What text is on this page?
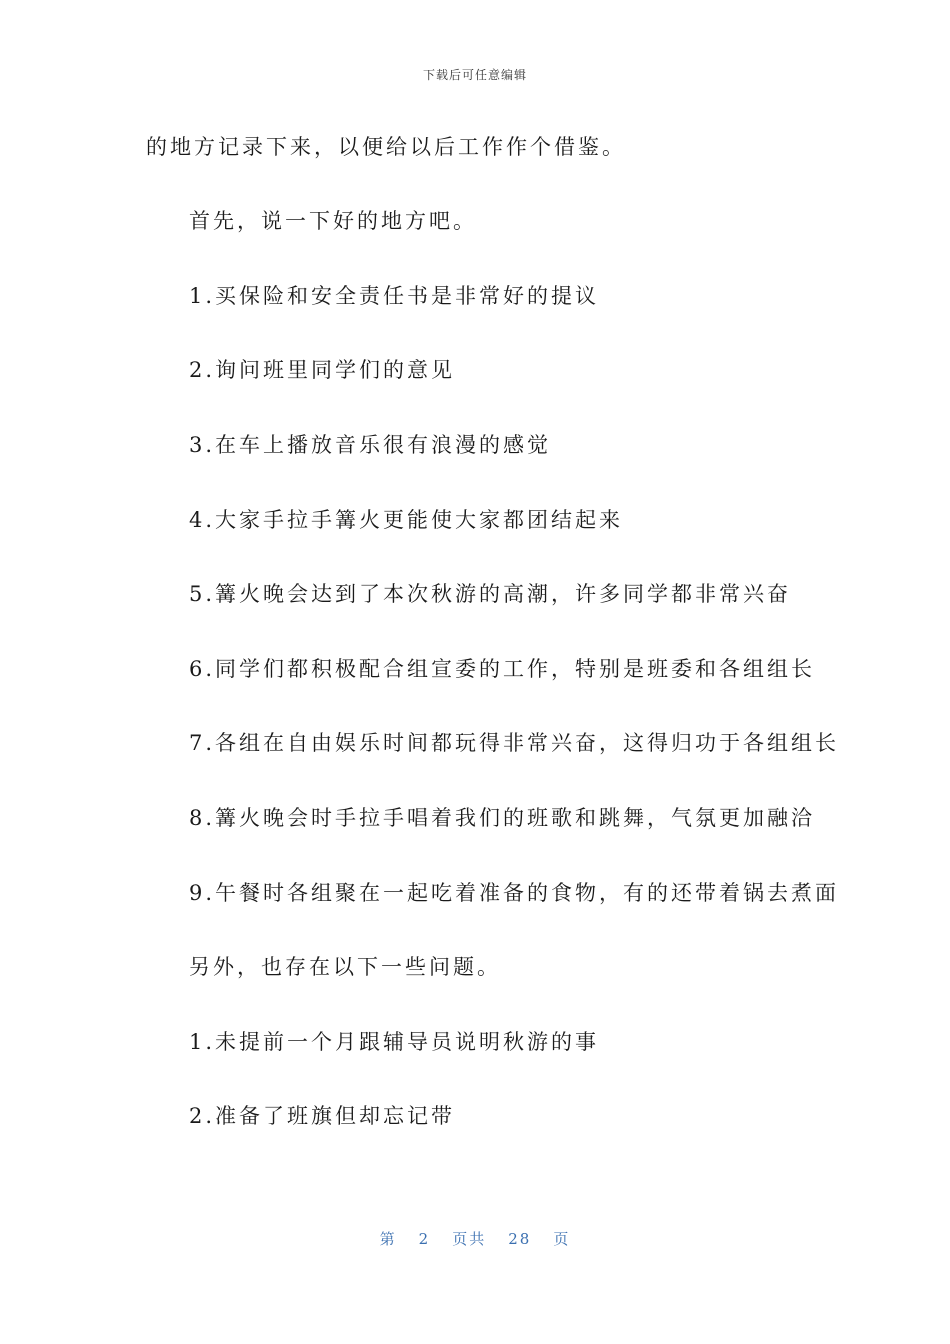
下载后可任意编辑
的地方记录下来，以便给以后工作作个借鉴。
首先，说一下好的地方吧。
1.买保险和安全责任书是非常好的提议
2.询问班里同学们的意见
3.在车上播放音乐很有浪漫的感觉
4.大家手拉手篝火更能使大家都团结起来
5.篝火晚会达到了本次秋游的高潮，许多同学都非常兴奋
6.同学们都积极配合组宣委的工作，特别是班委和各组组长
7.各组在自由娱乐时间都玩得非常兴奋，这得归功于各组组长
8.篝火晚会时手拉手唱着我们的班歌和跳舞，气氛更加融洽
9.午餐时各组聚在一起吃着准备的食物，有的还带着锅去煮面
另外，也存在以下一些问题。
1.未提前一个月跟辅导员说明秋游的事
2.准备了班旗但却忘记带
第 2 页共 28 页
